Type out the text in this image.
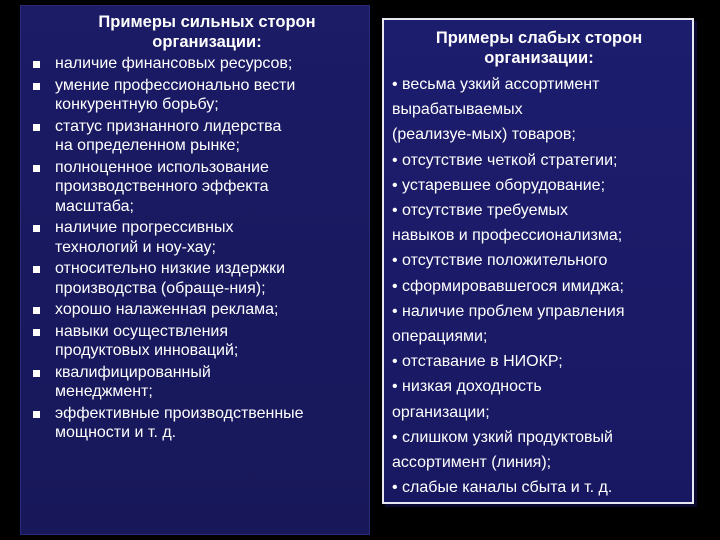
Примеры сильных сторон
организации:

наличие финансовых ресурсов;
умение профессионально вести
конкурентную борьбу;
статус признанного лидерства
на определенном рынке;
полноценное использование
производственного эффекта
масштаба;
наличие прогрессивных
технологий и ноу-хау;
относительно низкие издержки
производства (обраще-ния);
хорошо налаженная реклама;
навыки осуществления
продуктовых инноваций;
квалифицированный
менеджмент;
эффективные производственные
мощности и т. д.

Примеры слабых сторон
организации:

• весьма узкий ассортимент
вырабатываемых
(реализуе-мых) товаров;
• отсутствие четкой стратегии;
• устаревшее оборудование;
• отсутствие требуемых
навыков и профессионализма;
• отсутствие положительного
• сформировавшегося имиджа;
• наличие проблем управления
операциями;
• отставание в НИОКР;
• низкая доходность
организации;
• слишком узкий продуктовый
ассортимент (линия);
• слабые каналы сбыта и т. д.
